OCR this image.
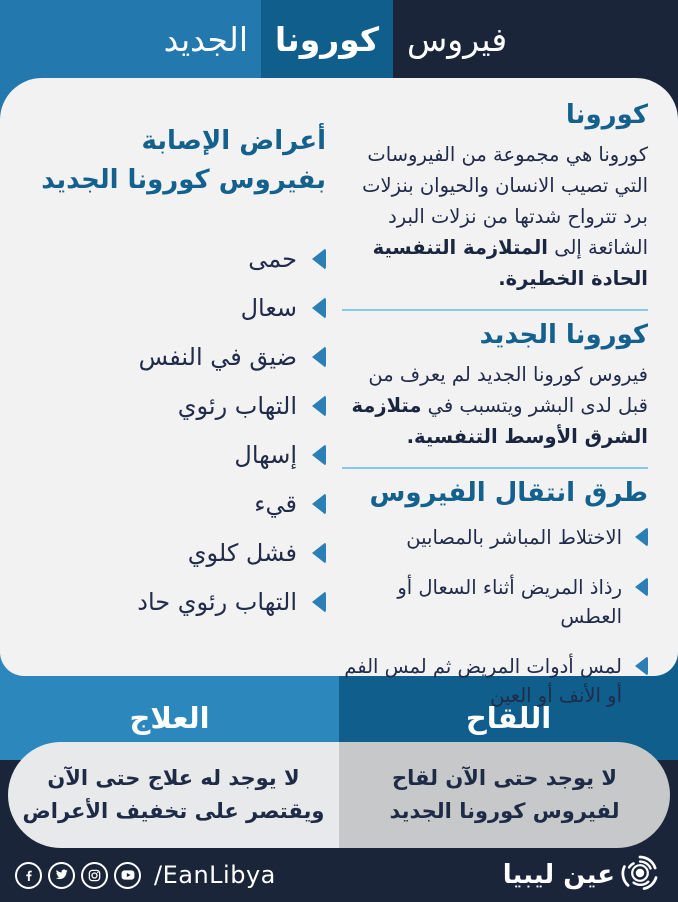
الجديد كورونا فيروس
كورونا
كورونا هي مجموعة من الفيروسات التي تصيب الانسان والحيوان بنزلات برد تترواح شدتها من نزلات البرد الشائعة إلى المتلازمة التنفسية الحادة الخطيرة.
كورونا الجديد
فيروس كورونا الجديد لم يعرف من قبل لدى البشر ويتسبب في متلازمة الشرق الأوسط التنفسية.
طرق انتقال الفيروس
الاختلاط المباشر بالمصابين
رذاذ المريض أثناء السعال أو العطس
لمس أدوات المريض ثم لمس الفم أو الأنف أو العين
أعراض الإصابة
بفيروس كورونا الجديد
حمى
سعال
ضيق في النفس
التهاب رئوي
إسهال
قيء
فشل كلوي
التهاب رئوي حاد
العلاج	اللقاح
لا يوجد له علاج حتى الآن
ويقتصر على تخفيف الأعراض
لا يوجد حتى الآن لقاح
لفيروس كورونا الجديد
/EanLibya	عين ليبيا
